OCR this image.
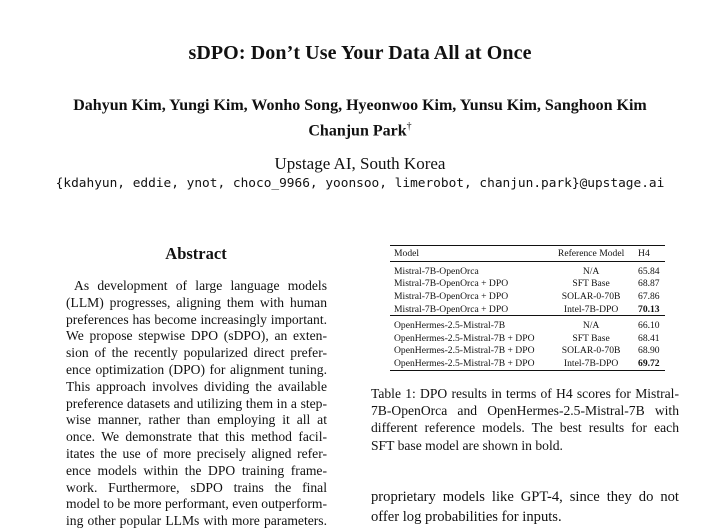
sDPO: Don’t Use Your Data All at Once
Dahyun Kim, Yungi Kim, Wonho Song, Hyeonwoo Kim, Yunsu Kim, Sanghoon Kim
Chanjun Park†
Upstage AI, South Korea
{kdahyun, eddie, ynot, choco_9966, yoonsoo, limerobot, chanjun.park}@upstage.ai
Abstract
As development of large language models
(LLM) progresses, aligning them with human
preferences has become increasingly important.
We propose stepwise DPO (sDPO), an exten-
sion of the recently popularized direct prefer-
ence optimization (DPO) for alignment tuning.
This approach involves dividing the available
preference datasets and utilizing them in a step-
wise manner, rather than employing it all at
once. We demonstrate that this method facil-
itates the use of more precisely aligned refer-
ence models within the DPO training frame-
work. Furthermore, sDPO trains the final
model to be more performant, even outperform-
ing other popular LLMs with more parameters.
Model	Reference Model	H4
Mistral-7B-OpenOrca	N/A	65.84
Mistral-7B-OpenOrca + DPO	SFT Base	68.87
Mistral-7B-OpenOrca + DPO	SOLAR-0-70B	67.86
Mistral-7B-OpenOrca + DPO	Intel-7B-DPO	70.13
OpenHermes-2.5-Mistral-7B	N/A	66.10
OpenHermes-2.5-Mistral-7B + DPO	SFT Base	68.41
OpenHermes-2.5-Mistral-7B + DPO	SOLAR-0-70B	68.90
OpenHermes-2.5-Mistral-7B + DPO	Intel-7B-DPO	69.72
Table 1: DPO results in terms of H4 scores for Mistral-
7B-OpenOrca and OpenHermes-2.5-Mistral-7B with
different reference models. The best results for each
SFT base model are shown in bold.
proprietary models like GPT-4, since they do not
offer log probabilities for inputs.
